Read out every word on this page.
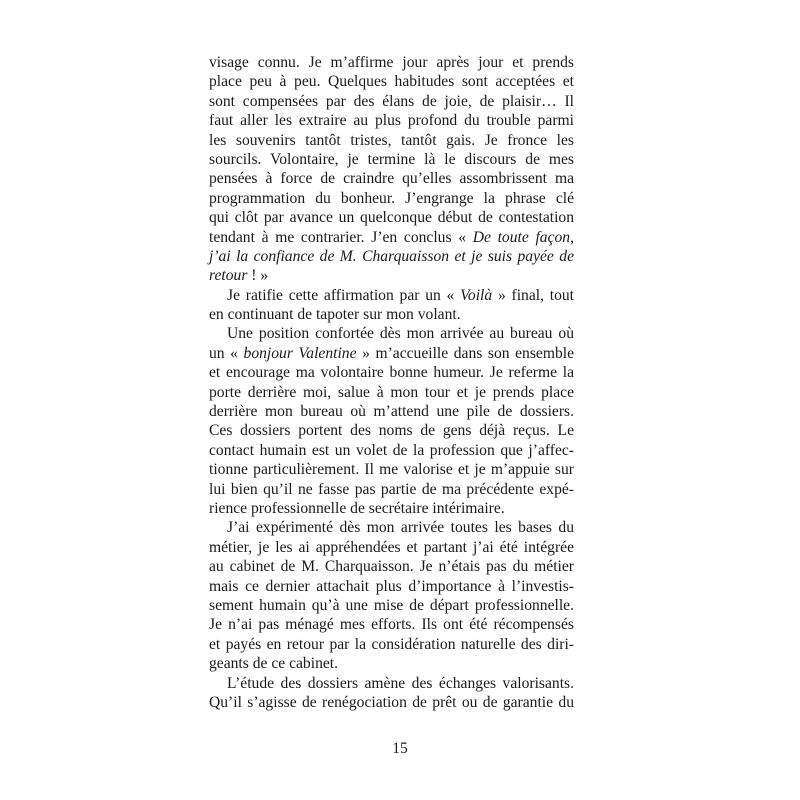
visage connu. Je m’affirme jour après jour et prends
place peu à peu. Quelques habitudes sont acceptées et
sont compensées par des élans de joie, de plaisir… Il
faut aller les extraire au plus profond du trouble parmi
les souvenirs tantôt tristes, tantôt gais. Je fronce les
sourcils. Volontaire, je termine là le discours de mes
pensées à force de craindre qu’elles assombrissent ma
programmation du bonheur. J’engrange la phrase clé
qui clôt par avance un quelconque début de contestation
tendant à me contrarier. J’en conclus « De toute façon,
j’ai la confiance de M. Charquaisson et je suis payée de
retour ! »
Je ratifie cette affirmation par un « Voilà » final, tout
en continuant de tapoter sur mon volant.
Une position confortée dès mon arrivée au bureau où
un « bonjour Valentine » m’accueille dans son ensemble
et encourage ma volontaire bonne humeur. Je referme la
porte derrière moi, salue à mon tour et je prends place
derrière mon bureau où m’attend une pile de dossiers.
Ces dossiers portent des noms de gens déjà reçus. Le
contact humain est un volet de la profession que j’affec-
tionne particulièrement. Il me valorise et je m’appuie sur
lui bien qu’il ne fasse pas partie de ma précédente expé-
rience professionnelle de secrétaire intérimaire.
J’ai expérimenté dès mon arrivée toutes les bases du
métier, je les ai appréhendées et partant j’ai été intégrée
au cabinet de M. Charquaisson. Je n’étais pas du métier
mais ce dernier attachait plus d’importance à l’investis-
sement humain qu’à une mise de départ professionnelle.
Je n’ai pas ménagé mes efforts. Ils ont été récompensés
et payés en retour par la considération naturelle des diri-
geants de ce cabinet.
L’étude des dossiers amène des échanges valorisants.
Qu’il s’agisse de renégociation de prêt ou de garantie du
15
